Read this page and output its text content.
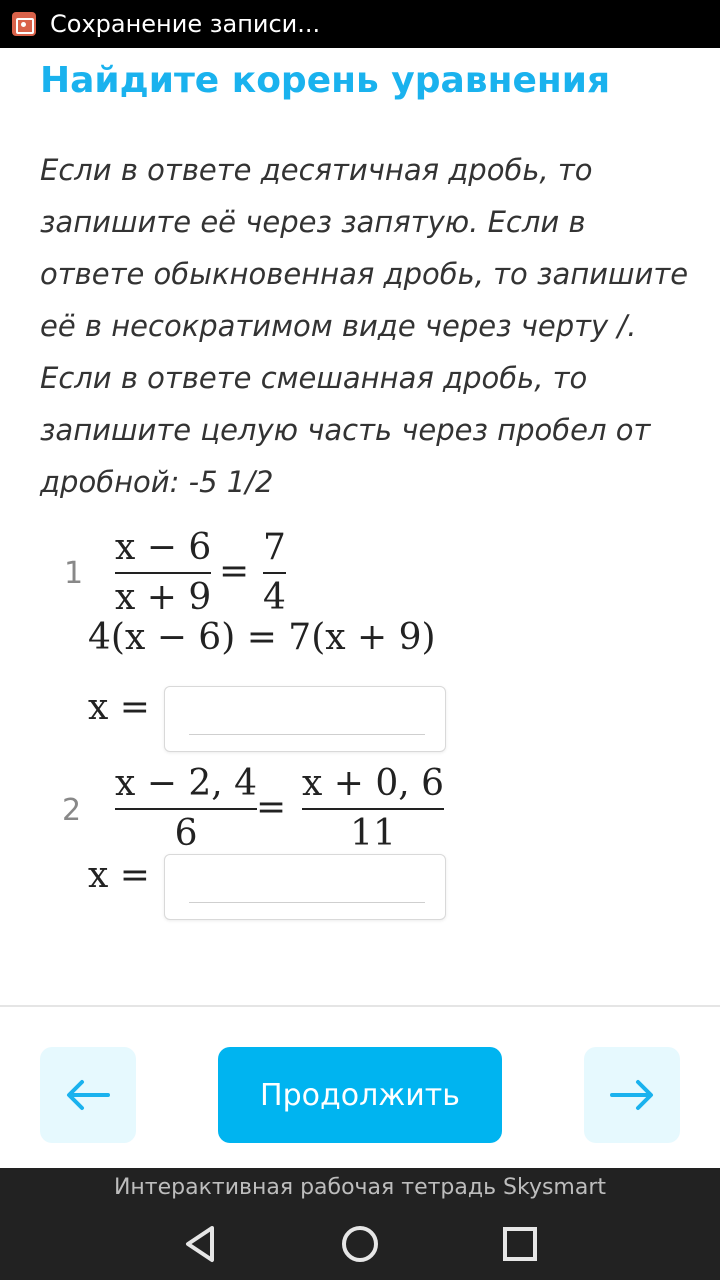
Сохранение записи...
Найдите корень уравнения
Если в ответе десятичная дробь, то запишите её через запятую. Если в ответе обыкновенная дробь, то запишите её в несократимом виде через черту /. Если в ответе смешанная дробь, то запишите целую часть через пробел от дробной: -5 1/2
1
x − 6
x + 9
=
7
4
4(x − 6) = 7(x + 9)
x =
2
x − 2, 4
6
=
x + 0, 6
11
x =
Продолжить
Интерактивная рабочая тетрадь Skysmart
